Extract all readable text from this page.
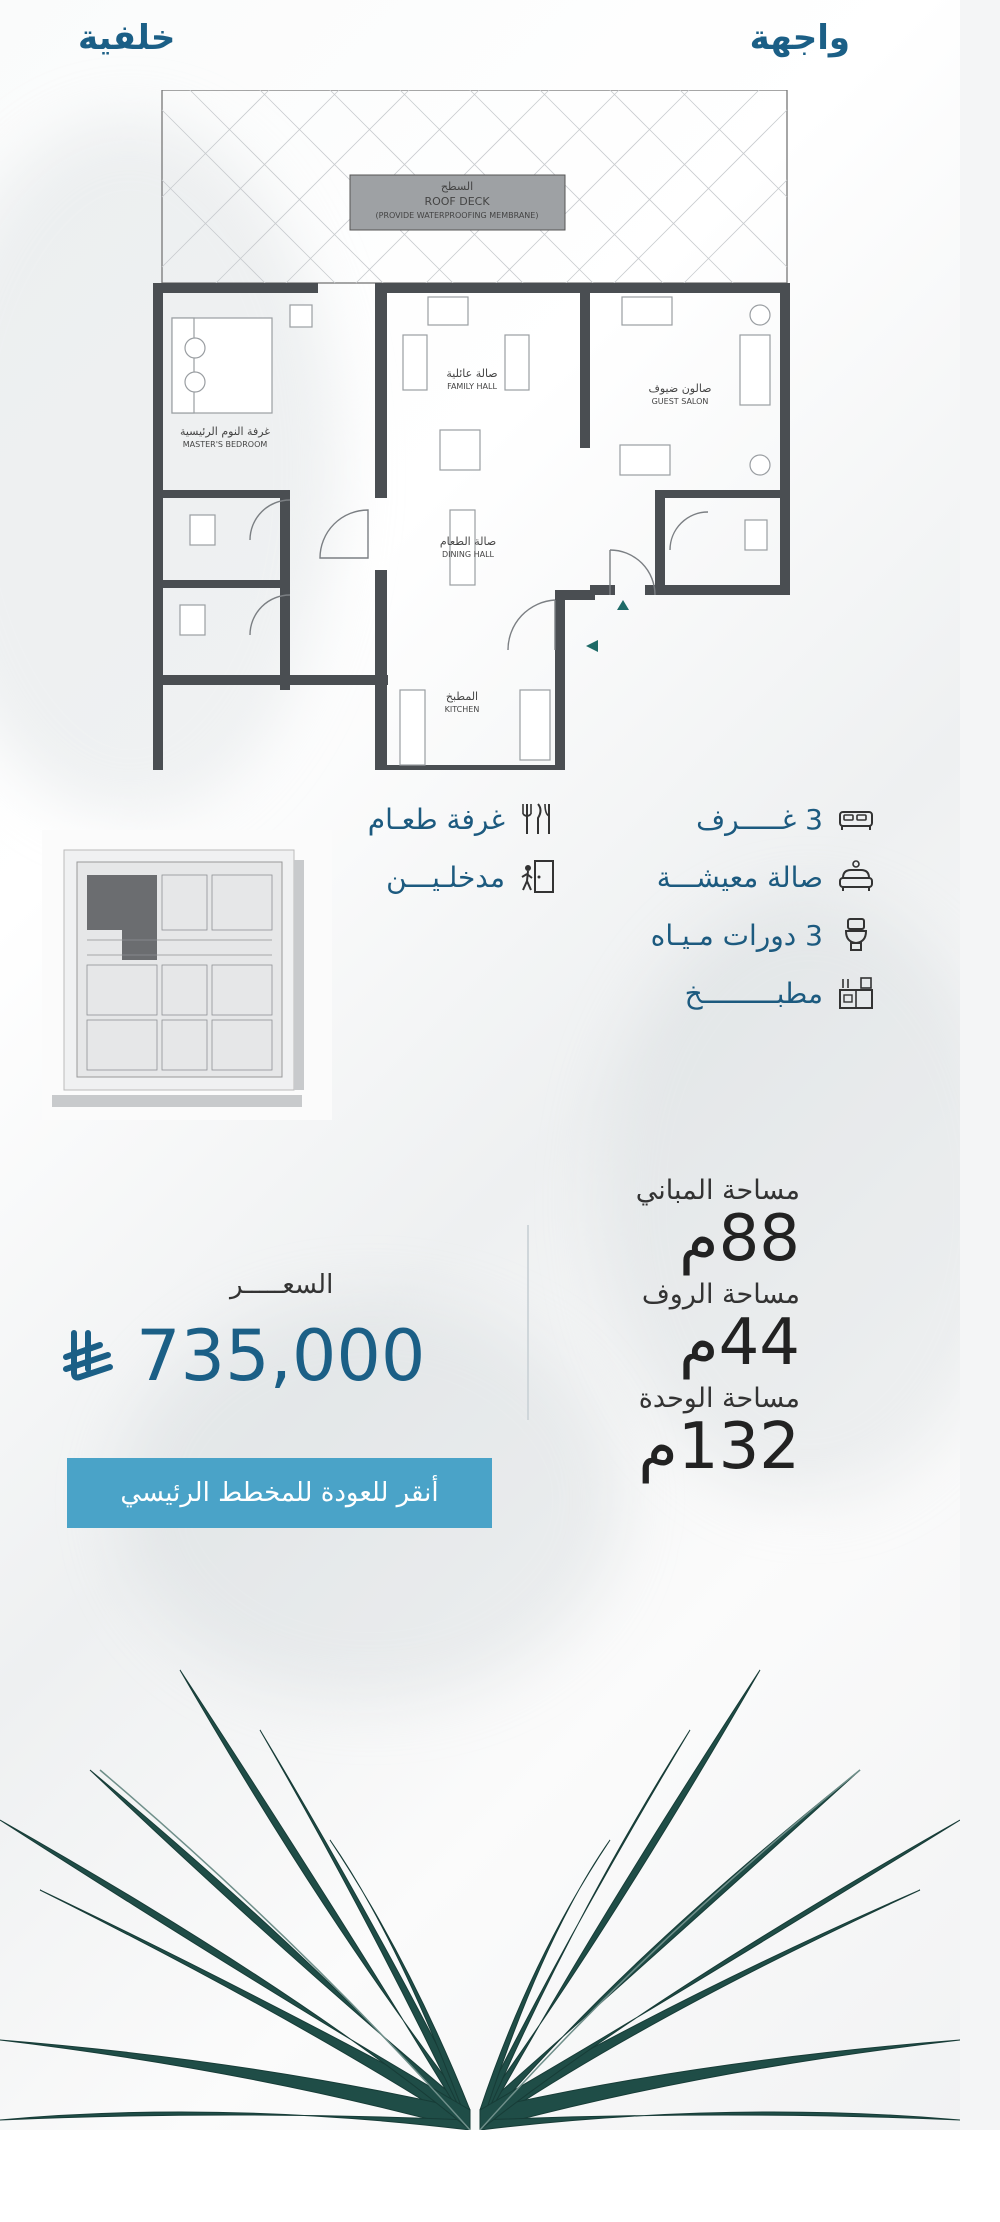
واجهة
خلفية
السطح
ROOF DECK
(PROVIDE WATERPROOFING MEMBRANE)
غرفة النوم الرئيسية
MASTER'S BEDROOM
صالة عائلية
FAMILY HALL	صالون ضيوف
GUEST SALON
صالة الطعام
DINING HALL
المطبخ
KITCHEN
3 غـــــرف
صالة معيشـــة
3 دورات مـيـاه
مطبـــــــــخ
غرفة طعـام
مدخلـيـــن
مساحة المباني
88م
مساحة الروف
44م
مساحة الوحدة
132م
السعـــــر
735,000
أنقر للعودة للمخطط الرئيسي
